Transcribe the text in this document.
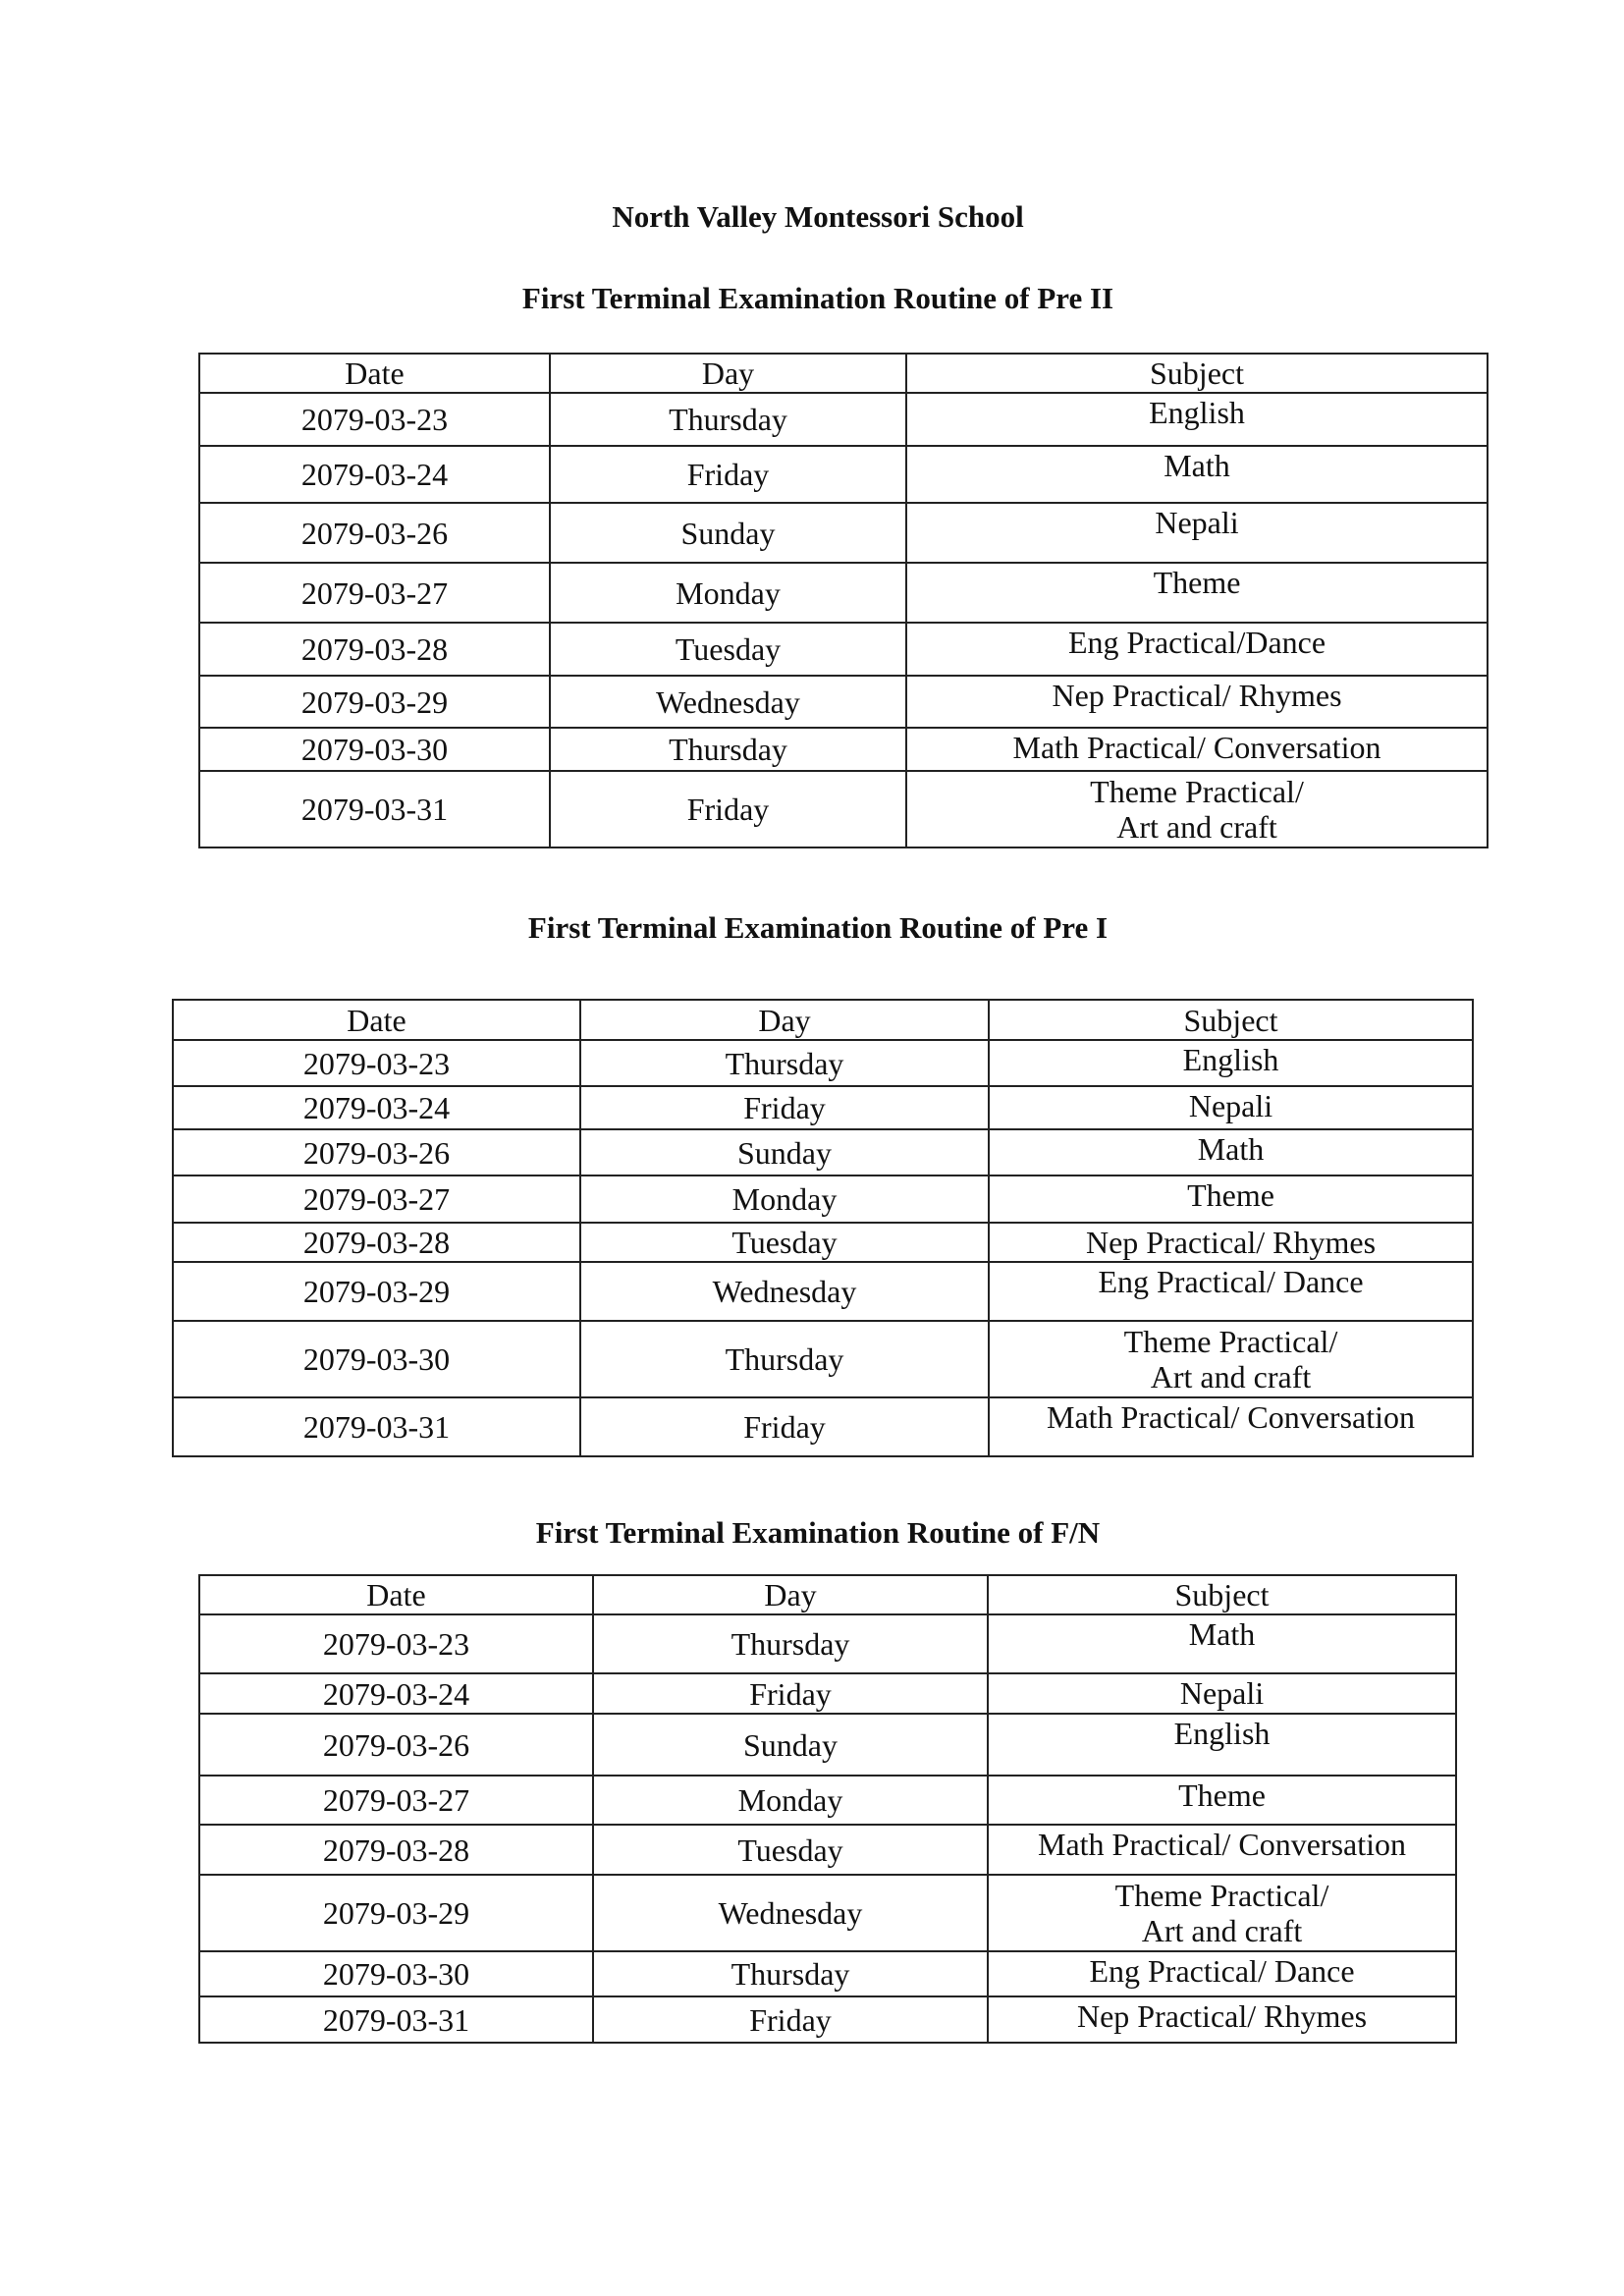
North Valley Montessori School
First Terminal Examination Routine of Pre II
Date	Day	Subject
2079-03-23	Thursday	English

2079-03-24	Friday	Math

2079-03-26	Sunday	Nepali

2079-03-27	Monday	Theme

2079-03-28	Tuesday	Eng Practical/Dance

2079-03-29	Wednesday	Nep Practical/ Rhymes

2079-03-30	Thursday	Math Practical/ Conversation

2079-03-31	Friday	Theme Practical/
Art and craft
First Terminal Examination Routine of Pre I
Date	Day	Subject
2079-03-23	Thursday	English

2079-03-24	Friday	Nepali

2079-03-26	Sunday	Math

2079-03-27	Monday	Theme

2079-03-28	Tuesday	Nep Practical/ Rhymes

2079-03-29	Wednesday	Eng Practical/ Dance

2079-03-30	Thursday	Theme Practical/
Art and craft

2079-03-31	Friday	Math Practical/ Conversation
First Terminal Examination Routine of F/N
Date	Day	Subject
2079-03-23	Thursday	Math

2079-03-24	Friday	Nepali

2079-03-26	Sunday	English

2079-03-27	Monday	Theme

2079-03-28	Tuesday	Math Practical/ Conversation

2079-03-29	Wednesday	Theme Practical/
Art and craft

2079-03-30	Thursday	Eng Practical/ Dance

2079-03-31	Friday	Nep Practical/ Rhymes
